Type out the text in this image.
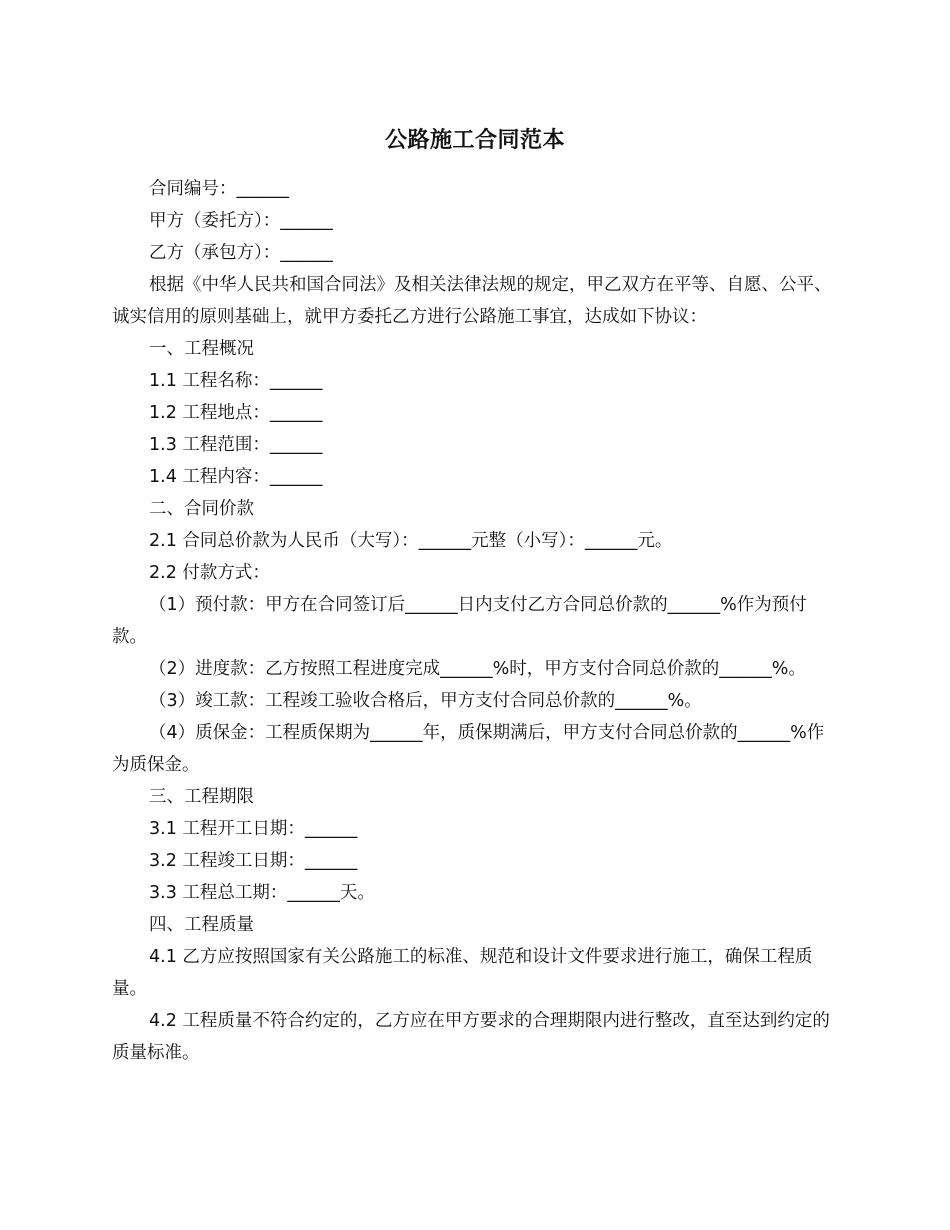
公路施工合同范本

合同编号：______

甲方（委托方）：______

乙方（承包方）：______

根据《中华人民共和国合同法》及相关法律法规的规定，甲乙双方在平等、自愿、公平、诚实信用的原则基础上，就甲方委托乙方进行公路施工事宜，达成如下协议：

一、工程概况

1.1 工程名称：______

1.2 工程地点：______

1.3 工程范围：______

1.4 工程内容：______

二、合同价款

2.1 合同总价款为人民币（大写）：______元整（小写）：______元。

2.2 付款方式：

（1）预付款：甲方在合同签订后______日内支付乙方合同总价款的______%作为预付款。

（2）进度款：乙方按照工程进度完成______%时，甲方支付合同总价款的______%。

（3）竣工款：工程竣工验收合格后，甲方支付合同总价款的______%。

（4）质保金：工程质保期为______年，质保期满后，甲方支付合同总价款的______%作为质保金。

三、工程期限

3.1 工程开工日期：______

3.2 工程竣工日期：______

3.3 工程总工期：______天。

四、工程质量

4.1 乙方应按照国家有关公路施工的标准、规范和设计文件要求进行施工，确保工程质量。

4.2 工程质量不符合约定的，乙方应在甲方要求的合理期限内进行整改，直至达到约定的质量标准。
